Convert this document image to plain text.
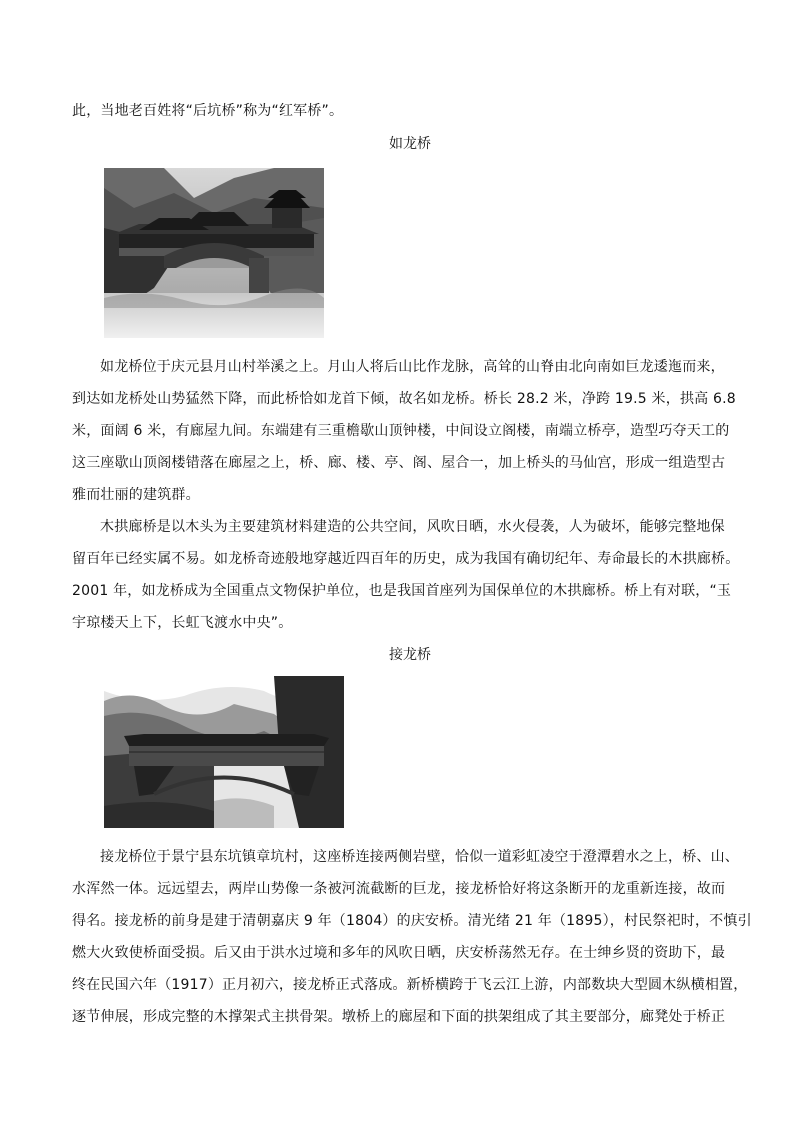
此，当地老百姓将“后坑桥”称为“红军桥”。
如龙桥
如龙桥位于庆元县月山村举溪之上。月山人将后山比作龙脉，高耸的山脊由北向南如巨龙逶迤而来，
到达如龙桥处山势猛然下降，而此桥恰如龙首下倾，故名如龙桥。桥长 28.2 米，净跨 19.5 米，拱高 6.8
米，面阔 6 米，有廊屋九间。东端建有三重檐歇山顶钟楼，中间设立阁楼，南端立桥亭，造型巧夺天工的
这三座歇山顶阁楼错落在廊屋之上，桥、廊、楼、亭、阁、屋合一，加上桥头的马仙宫，形成一组造型古
雅而壮丽的建筑群。
木拱廊桥是以木头为主要建筑材料建造的公共空间，风吹日晒，水火侵袭，人为破坏，能够完整地保
留百年已经实属不易。如龙桥奇迹般地穿越近四百年的历史，成为我国有确切纪年、寿命最长的木拱廊桥。
2001 年，如龙桥成为全国重点文物保护单位，也是我国首座列为国保单位的木拱廊桥。桥上有对联，“玉
宇琼楼天上下，长虹飞渡水中央”。
接龙桥
接龙桥位于景宁县东坑镇章坑村，这座桥连接两侧岩壁，恰似一道彩虹凌空于澄潭碧水之上，桥、山、
水浑然一体。远远望去，两岸山势像一条被河流截断的巨龙，接龙桥恰好将这条断开的龙重新连接，故而
得名。接龙桥的前身是建于清朝嘉庆 9 年（1804）的庆安桥。清光绪 21 年（1895），村民祭祀时，不慎引
燃大火致使桥面受损。后又由于洪水过境和多年的风吹日晒，庆安桥荡然无存。在士绅乡贤的资助下，最
终在民国六年（1917）正月初六，接龙桥正式落成。新桥横跨于飞云江上游，内部数块大型圆木纵横相置，
逐节伸展，形成完整的木撑架式主拱骨架。墩桥上的廊屋和下面的拱架组成了其主要部分，廊凳处于桥正
